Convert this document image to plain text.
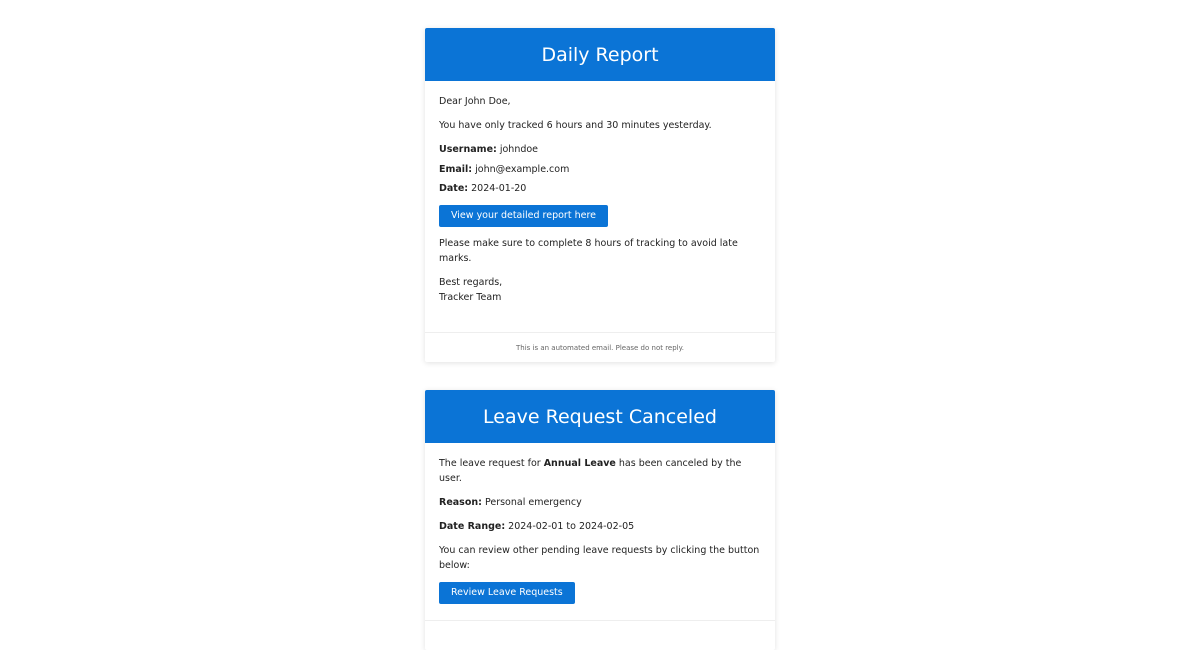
Daily Report

Dear John Doe,

You have only tracked 6 hours and 30 minutes yesterday.

Username: johndoe

Email: john@example.com

Date: 2024-01-20

View your detailed report here

Please make sure to complete 8 hours of tracking to avoid late marks.

Best regards,
Tracker Team

This is an automated email. Please do not reply.
Leave Request Canceled

The leave request for Annual Leave has been canceled by the user.

Reason: Personal emergency

Date Range: 2024-02-01 to 2024-02-05

You can review other pending leave requests by clicking the button below:

Review Leave Requests
